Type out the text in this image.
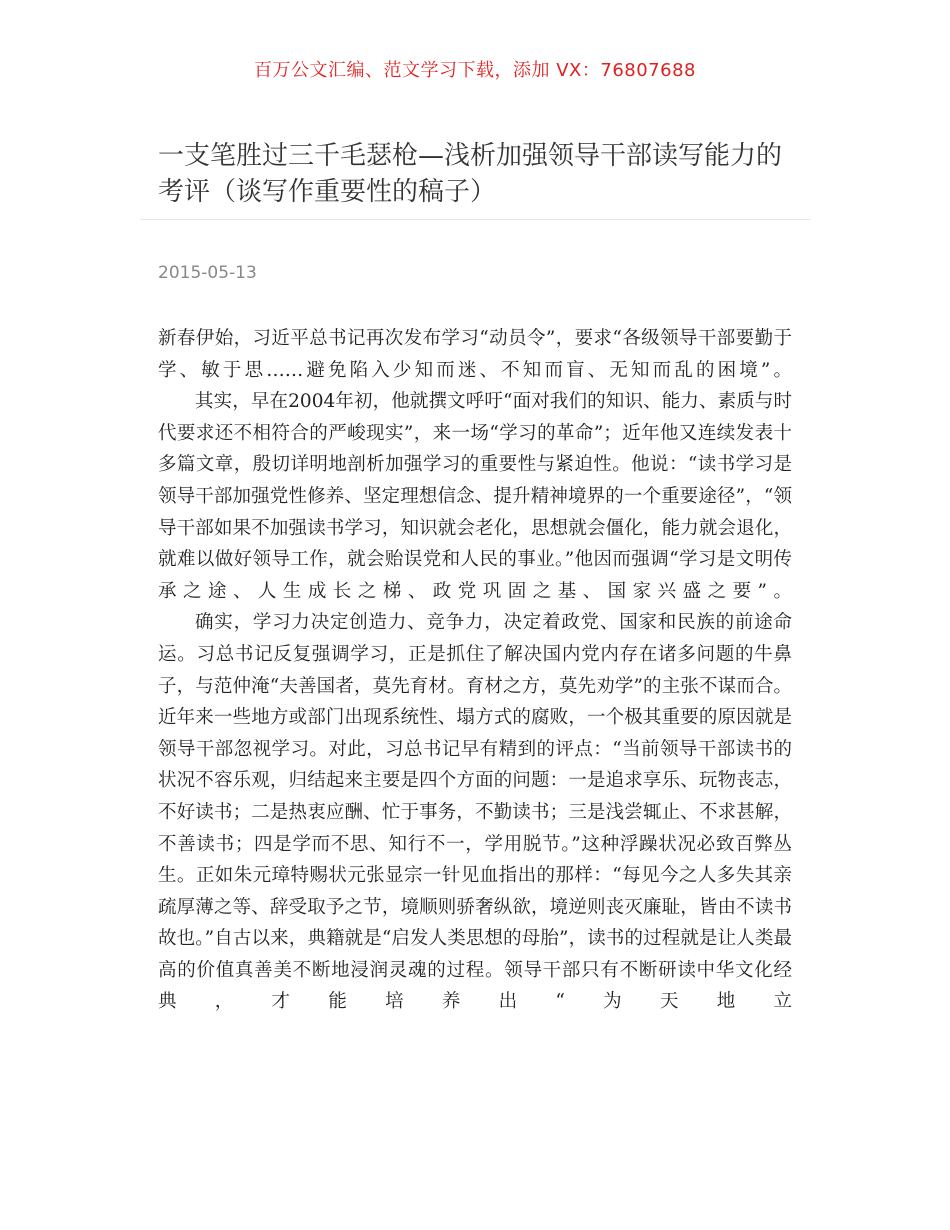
百万公文汇编、范文学习下载，添加 VX：76807688
一支笔胜过三千毛瑟枪—浅析加强领导干部读写能力的考评（谈写作重要性的稿子）
2015-05-13

新春伊始，习近平总书记再次发布学习“动员令”，要求“各级领导干部要勤于学、敏于思……避免陷入少知而迷、不知而盲、无知而乱的困境”。

其实，早在2004年初，他就撰文呼吁“面对我们的知识、能力、素质与时代要求还不相符合的严峻现实”，来一场“学习的革命”；近年他又连续发表十多篇文章，殷切详明地剖析加强学习的重要性与紧迫性。他说：“读书学习是领导干部加强党性修养、坚定理想信念、提升精神境界的一个重要途径”，“领导干部如果不加强读书学习，知识就会老化，思想就会僵化，能力就会退化，就难以做好领导工作，就会贻误党和人民的事业。”他因而强调“学习是文明传承之途、人生成长之梯、政党巩固之基、国家兴盛之要”。

确实，学习力决定创造力、竞争力，决定着政党、国家和民族的前途命运。习总书记反复强调学习，正是抓住了解决国内党内存在诸多问题的牛鼻子，与范仲淹“夫善国者，莫先育材。育材之方，莫先劝学”的主张不谋而合。近年来一些地方或部门出现系统性、塌方式的腐败，一个极其重要的原因就是领导干部忽视学习。对此，习总书记早有精到的评点：“当前领导干部读书的状况不容乐观，归结起来主要是四个方面的问题：一是追求享乐、玩物丧志，不好读书；二是热衷应酬、忙于事务，不勤读书；三是浅尝辄止、不求甚解，不善读书；四是学而不思、知行不一，学用脱节。”这种浮躁状况必致百弊丛生。正如朱元璋特赐状元张显宗一针见血指出的那样：“每见今之人多失其亲疏厚薄之等、辞受取予之节，境顺则骄奢纵欲，境逆则丧灭廉耻，皆由不读书故也。”自古以来，典籍就是“启发人类思想的母胎”，读书的过程就是让人类最高的价值真善美不断地浸润灵魂的过程。领导干部只有不断研读中华文化经典，才能培养出“为天地立
